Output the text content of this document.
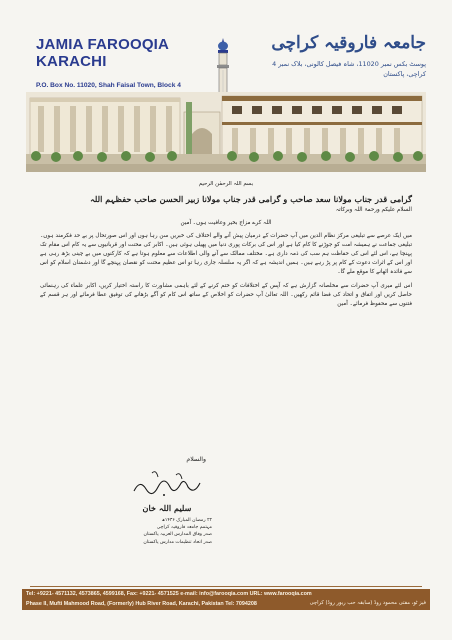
JAMIA FAROOQIA KARACHI
P.O. Box No. 11020, Shah Faisal Town, Block 4
جامعہ فاروقیہ کراچی
پوسٹ بکس نمبر 11020، شاہ فیصل کالونی، بلاک نمبر 4
کراچی، پاکستان
بسم اللہ الرحمٰن الرحیم
گرامی قدر جناب مولانا سعد صاحب و گرامی قدر جناب مولانا زبیر الحسن صاحب حفظہم اللہ
السلام علیکم ورحمۃ اللہ وبرکاتہ
اللہ کرے مزاج بخیر وعافیت ہوں۔ آمین

میں ایک عرصے سے تبلیغی مرکز نظام الدین میں آپ حضرات کے درمیان پیش آنے والے اختلاف کی خبریں سن رہا ہوں اور اس صورتحال پر بے حد فکرمند ہوں۔ تبلیغی جماعت نے ہمیشہ امت کو جوڑنے کا کام کیا ہے اور اس کی برکات پوری دنیا میں پھیلی ہوئی ہیں۔ اکابر کی محنت اور قربانیوں سے یہ کام اس مقام تک پہنچا ہے، اس لئے اس کی حفاظت ہم سب کی ذمہ داری ہے۔ مختلف ممالک سے آنے والی اطلاعات سے معلوم ہوتا ہے کہ کارکنوں میں بے چینی بڑھ رہی ہے اور اس کے اثرات دعوت کے کام پر پڑ رہے ہیں۔ ہمیں اندیشہ ہے کہ اگر یہ سلسلہ جاری رہا تو اس عظیم محنت کو نقصان پہنچے گا اور دشمنان اسلام کو اس سے فائدہ اٹھانے کا موقع ملے گا۔

اس لئے میری آپ حضرات سے مخلصانہ گزارش ہے کہ آپس کے اختلافات کو ختم کرنے کے لئے باہمی مشاورت کا راستہ اختیار کریں، اکابر علماء کی رہنمائی حاصل کریں اور اتفاق و اتحاد کی فضا قائم رکھیں۔ اللہ تعالیٰ آپ حضرات کو اخلاص کے ساتھ اس کام کو آگے بڑھانے کی توفیق عطا فرمائے اور ہر قسم کے فتنوں سے محفوظ فرمائے۔ آمین

والسلام
سلیم اللہ خان
۲۲ رمضان المبارک ۱۴۳۶ھ
مہتمم جامعہ فاروقیہ کراچی
صدر وفاق المدارس العربیہ پاکستان
صدر اتحاد تنظیمات مدارس پاکستان
Tel: +9221- 4571132, 4573865, 4599168, Fax: +9221- 4571525 e-mail: info@farooqia.com URL: www.farooqia.com
Phase II, Mufti Mahmood Road, (Formerly) Hub River Road, Karachi, Pakistan Tel: 7094208	فیز ٹو، مفتی محمود روڈ (سابقہ حب ریور روڈ) کراچی
